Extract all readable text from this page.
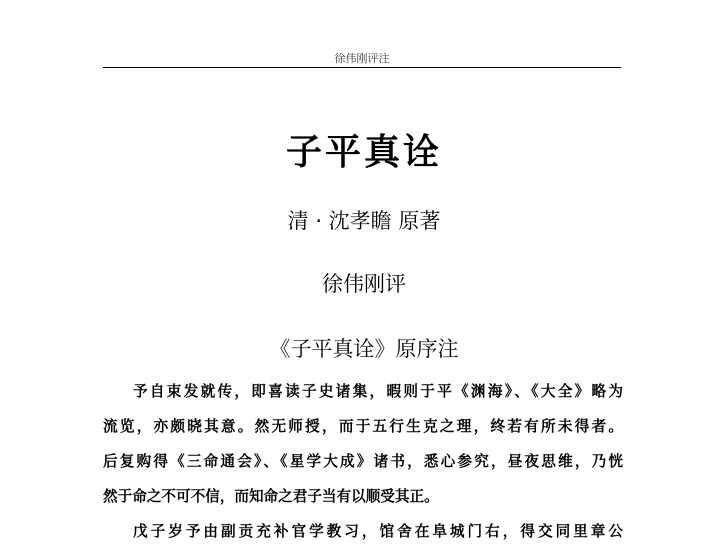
徐伟刚评注
子平真诠
清 · 沈孝瞻 原著
徐伟刚评
《子平真诠》原序注
予自束发就传，即喜读子史诸集，暇则于平《渊海》、《大全》略为
流览，亦颇晓其意。然无师授，而于五行生克之理，终若有所未得者。
后复购得《三命通会》、《星学大成》诸书，悉心参究，昼夜思维，乃恍
然于命之不可不信，而知命之君子当有以顺受其正。
戊子岁予由副贡充补官学教习，馆舍在阜城门右，得交同里章公
